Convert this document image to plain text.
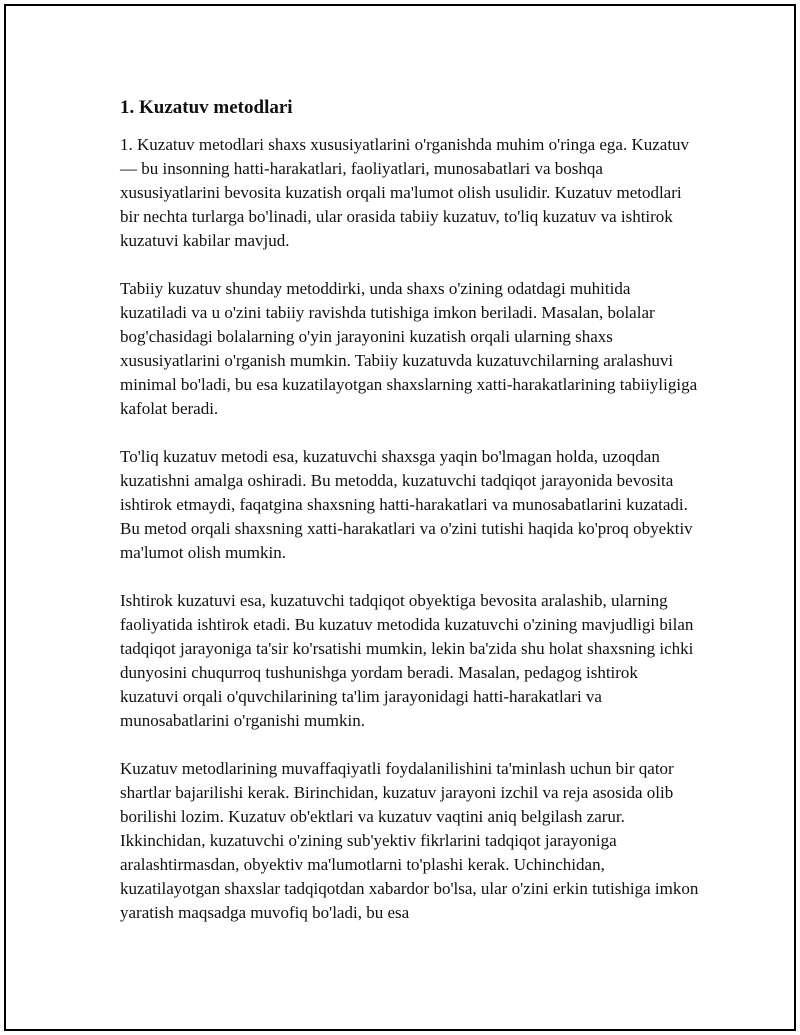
1. Kuzatuv metodlari

1. Kuzatuv metodlari shaxs xususiyatlarini o'rganishda muhim o'ringa ega. Kuzatuv — bu insonning hatti-harakatlari, faoliyatlari, munosabatlari va boshqa xususiyatlarini bevosita kuzatish orqali ma'lumot olish usulidir. Kuzatuv metodlari bir nechta turlarga bo'linadi, ular orasida tabiiy kuzatuv, to'liq kuzatuv va ishtirok kuzatuvi kabilar mavjud.

Tabiiy kuzatuv shunday metoddirki, unda shaxs o'zining odatdagi muhitida kuzatiladi va u o'zini tabiiy ravishda tutishiga imkon beriladi. Masalan, bolalar bog'chasidagi bolalarning o'yin jarayonini kuzatish orqali ularning shaxs xususiyatlarini o'rganish mumkin. Tabiiy kuzatuvda kuzatuvchilarning aralashuvi minimal bo'ladi, bu esa kuzatilayotgan shaxslarning xatti-harakatlarining tabiiyligiga kafolat beradi.

To'liq kuzatuv metodi esa, kuzatuvchi shaxsga yaqin bo'lmagan holda, uzoqdan kuzatishni amalga oshiradi. Bu metodda, kuzatuvchi tadqiqot jarayonida bevosita ishtirok etmaydi, faqatgina shaxsning hatti-harakatlari va munosabatlarini kuzatadi. Bu metod orqali shaxsning xatti-harakatlari va o'zini tutishi haqida ko'proq obyektiv ma'lumot olish mumkin.

Ishtirok kuzatuvi esa, kuzatuvchi tadqiqot obyektiga bevosita aralashib, ularning faoliyatida ishtirok etadi. Bu kuzatuv metodida kuzatuvchi o'zining mavjudligi bilan tadqiqot jarayoniga ta'sir ko'rsatishi mumkin, lekin ba'zida shu holat shaxsning ichki dunyosini chuqurroq tushunishga yordam beradi. Masalan, pedagog ishtirok kuzatuvi orqali o'quvchilarining ta'lim jarayonidagi hatti-harakatlari va munosabatlarini o'rganishi mumkin.

Kuzatuv metodlarining muvaffaqiyatli foydalanilishini ta'minlash uchun bir qator shartlar bajarilishi kerak. Birinchidan, kuzatuv jarayoni izchil va reja asosida olib borilishi lozim. Kuzatuv ob'ektlari va kuzatuv vaqtini aniq belgilash zarur. Ikkinchidan, kuzatuvchi o'zining sub'yektiv fikrlarini tadqiqot jarayoniga aralashtirmasdan, obyektiv ma'lumotlarni to'plashi kerak. Uchinchidan, kuzatilayotgan shaxslar tadqiqotdan xabardor bo'lsa, ular o'zini erkin tutishiga imkon yaratish maqsadga muvofiq bo'ladi, bu esa
